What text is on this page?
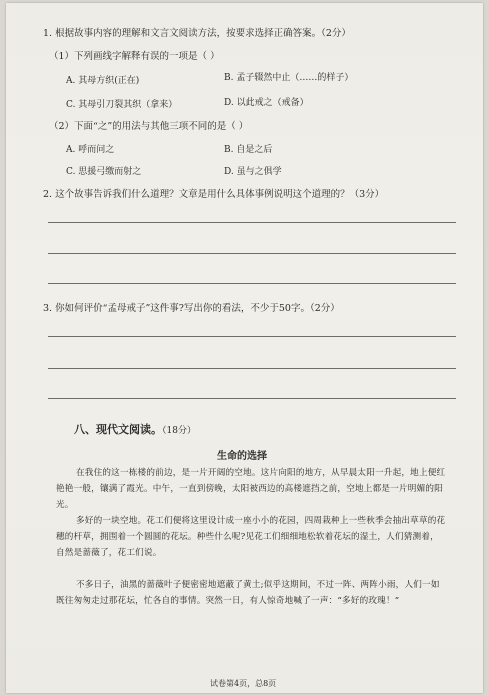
1. 根据故事内容的理解和文言文阅读方法，按要求选择正确答案。（2分）
（1）下列画线字解释有误的一项是（ ）
A. 其母方织(正在)	B. 孟子辍然中止（……的样子）
C. 其母引刀裂其织（拿来）	D. 以此戒之（戒备）
（2）下面“之”的用法与其他三项不同的是（ ）
A. 呼而问之	B. 自是之后
C. 思援弓缴而射之	D. 虽与之俱学
2. 这个故事告诉我们什么道理？文章是用什么具体事例说明这个道理的？（3分）
3. 你如何评价“孟母戒子”这件事?写出你的看法，不少于50字。（2分）
八、现代文阅读。（18分）
生命的选择
在我住的这一栋楼的前边，是一片开阔的空地。这片向阳的地方，从早晨太阳一升起，地上便红艳艳一般，镶满了霞光。中午，一直到傍晚，太阳被西边的高楼遮挡之前，空地上都是一片明媚的阳光。
多好的一块空地。花工们便将这里设计成一座小小的花园，四周栽种上一些秋季会抽出草草的花穗的杆草，拥围着一个圆圆的花坛。种些什么呢?见花工们细细地松软着花坛的湿土，人们猜测着，自然是蔷薇了，花工们说。
不多日子，油黑的蔷薇叶子便密密地遮蔽了黄土;似乎这期间，不过一阵、两阵小雨，人们一如既往匆匆走过那花坛，忙各自的事情。突然一日，有人惊奇地喊了一声：“多好的玫瑰！”
试卷第4页，总8页
